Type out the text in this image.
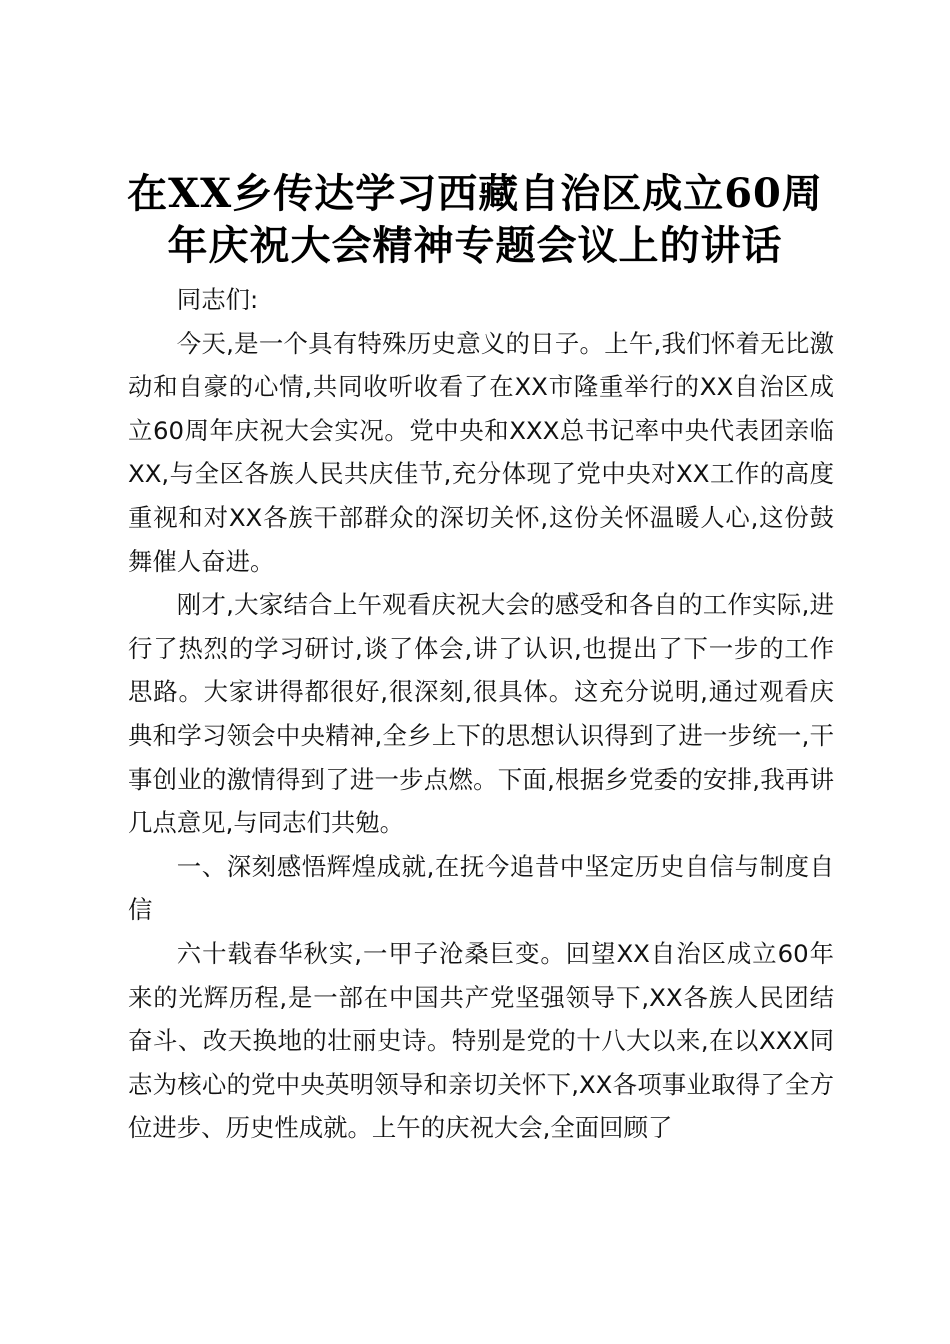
在XX乡传达学习西藏自治区成立60周
年庆祝大会精神专题会议上的讲话

同志们:

今天,是一个具有特殊历史意义的日子。上午,我们怀着无比激动和自豪的心情,共同收听收看了在XX市隆重举行的XX自治区成立60周年庆祝大会实况。党中央和XXX总书记率中央代表团亲临XX,与全区各族人民共庆佳节,充分体现了党中央对XX工作的高度重视和对XX各族干部群众的深切关怀,这份关怀温暖人心,这份鼓舞催人奋进。

刚才,大家结合上午观看庆祝大会的感受和各自的工作实际,进行了热烈的学习研讨,谈了体会,讲了认识,也提出了下一步的工作思路。大家讲得都很好,很深刻,很具体。这充分说明,通过观看庆典和学习领会中央精神,全乡上下的思想认识得到了进一步统一,干事创业的激情得到了进一步点燃。下面,根据乡党委的安排,我再讲几点意见,与同志们共勉。

一、深刻感悟辉煌成就,在抚今追昔中坚定历史自信与制度自信

六十载春华秋实,一甲子沧桑巨变。回望XX自治区成立60年来的光辉历程,是一部在中国共产党坚强领导下,XX各族人民团结奋斗、改天换地的壮丽史诗。特别是党的十八大以来,在以XXX同志为核心的党中央英明领导和亲切关怀下,XX各项事业取得了全方位进步、历史性成就。上午的庆祝大会,全面回顾了
